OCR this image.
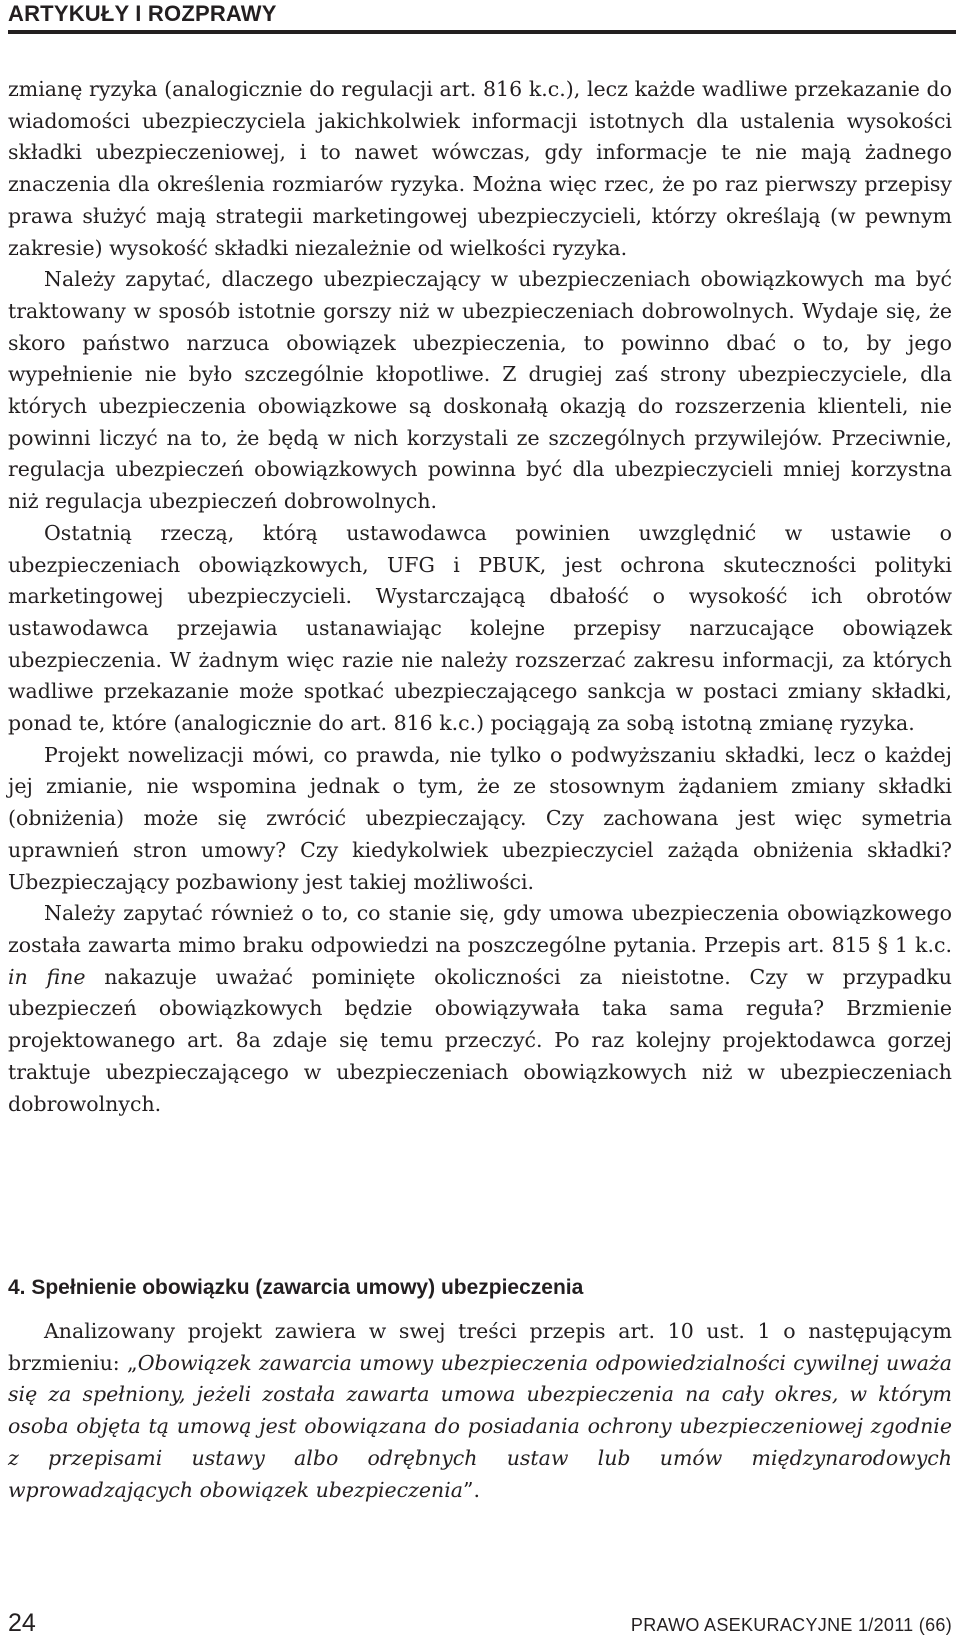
ARTYKUŁY I ROZPRAWY

zmianę ryzyka (analogicznie do regulacji art. 816 k.c.), lecz każde wadliwe przekazanie do wiadomości ubezpieczyciela jakichkolwiek informacji istotnych dla ustalenia wysokości składki ubezpieczeniowej, i to nawet wówczas, gdy informacje te nie mają żadnego znaczenia dla określenia rozmiarów ryzyka. Można więc rzec, że po raz pierwszy przepisy prawa służyć mają strategii marketingowej ubezpieczycieli, którzy określają (w pewnym zakresie) wysokość składki niezależnie od wielkości ryzyka.

Należy zapytać, dlaczego ubezpieczający w ubezpieczeniach obowiązkowych ma być traktowany w sposób istotnie gorszy niż w ubezpieczeniach dobrowolnych. Wydaje się, że skoro państwo narzuca obowiązek ubezpieczenia, to powinno dbać o to, by jego wypełnienie nie było szczególnie kłopotliwe. Z drugiej zaś strony ubezpieczyciele, dla których ubezpieczenia obowiązkowe są doskonałą okazją do rozszerzenia klienteli, nie powinni liczyć na to, że będą w nich korzystali ze szczególnych przywilejów. Przeciwnie, regulacja ubezpieczeń obowiązkowych powinna być dla ubezpieczycieli mniej korzystna niż regulacja ubezpieczeń dobrowolnych.

Ostatnią rzeczą, którą ustawodawca powinien uwzględnić w ustawie o ubezpieczeniach obowiązkowych, UFG i PBUK, jest ochrona skuteczności polityki marketingowej ubezpieczycieli. Wystarczającą dbałość o wysokość ich obrotów ustawodawca przejawia ustanawiając kolejne przepisy narzucające obowiązek ubezpieczenia. W żadnym więc razie nie należy rozszerzać zakresu informacji, za których wadliwe przekazanie może spotkać ubezpieczającego sankcja w postaci zmiany składki, ponad te, które (analogicznie do art. 816 k.c.) pociągają za sobą istotną zmianę ryzyka.

Projekt nowelizacji mówi, co prawda, nie tylko o podwyższaniu składki, lecz o każdej jej zmianie, nie wspomina jednak o tym, że ze stosownym żądaniem zmiany składki (obniżenia) może się zwrócić ubezpieczający. Czy zachowana jest więc symetria uprawnień stron umowy? Czy kiedykolwiek ubezpieczyciel zażąda obniżenia składki? Ubezpieczający pozbawiony jest takiej możliwości.

Należy zapytać również o to, co stanie się, gdy umowa ubezpieczenia obowiązkowego została zawarta mimo braku odpowiedzi na poszczególne pytania. Przepis art. 815 § 1 k.c. in fine nakazuje uważać pominięte okoliczności za nieistotne. Czy w przypadku ubezpieczeń obowiązkowych będzie obowiązywała taka sama reguła? Brzmienie projektowanego art. 8a zdaje się temu przeczyć. Po raz kolejny projektodawca gorzej traktuje ubezpieczającego w ubezpieczeniach obowiązkowych niż w ubezpieczeniach dobrowolnych.

4. Spełnienie obowiązku (zawarcia umowy) ubezpieczenia

Analizowany projekt zawiera w swej treści przepis art. 10 ust. 1 o następującym brzmieniu: „Obowiązek zawarcia umowy ubezpieczenia odpowiedzialności cywilnej uważa się za spełniony, jeżeli została zawarta umowa ubezpieczenia na cały okres, w którym osoba objęta tą umową jest obowiązana do posiadania ochrony ubezpieczeniowej zgodnie z przepisami ustawy albo odrębnych ustaw lub umów międzynarodowych wprowadzających obowiązek ubezpieczenia”.

24	PRAWO ASEKURACYJNE 1/2011 (66)
